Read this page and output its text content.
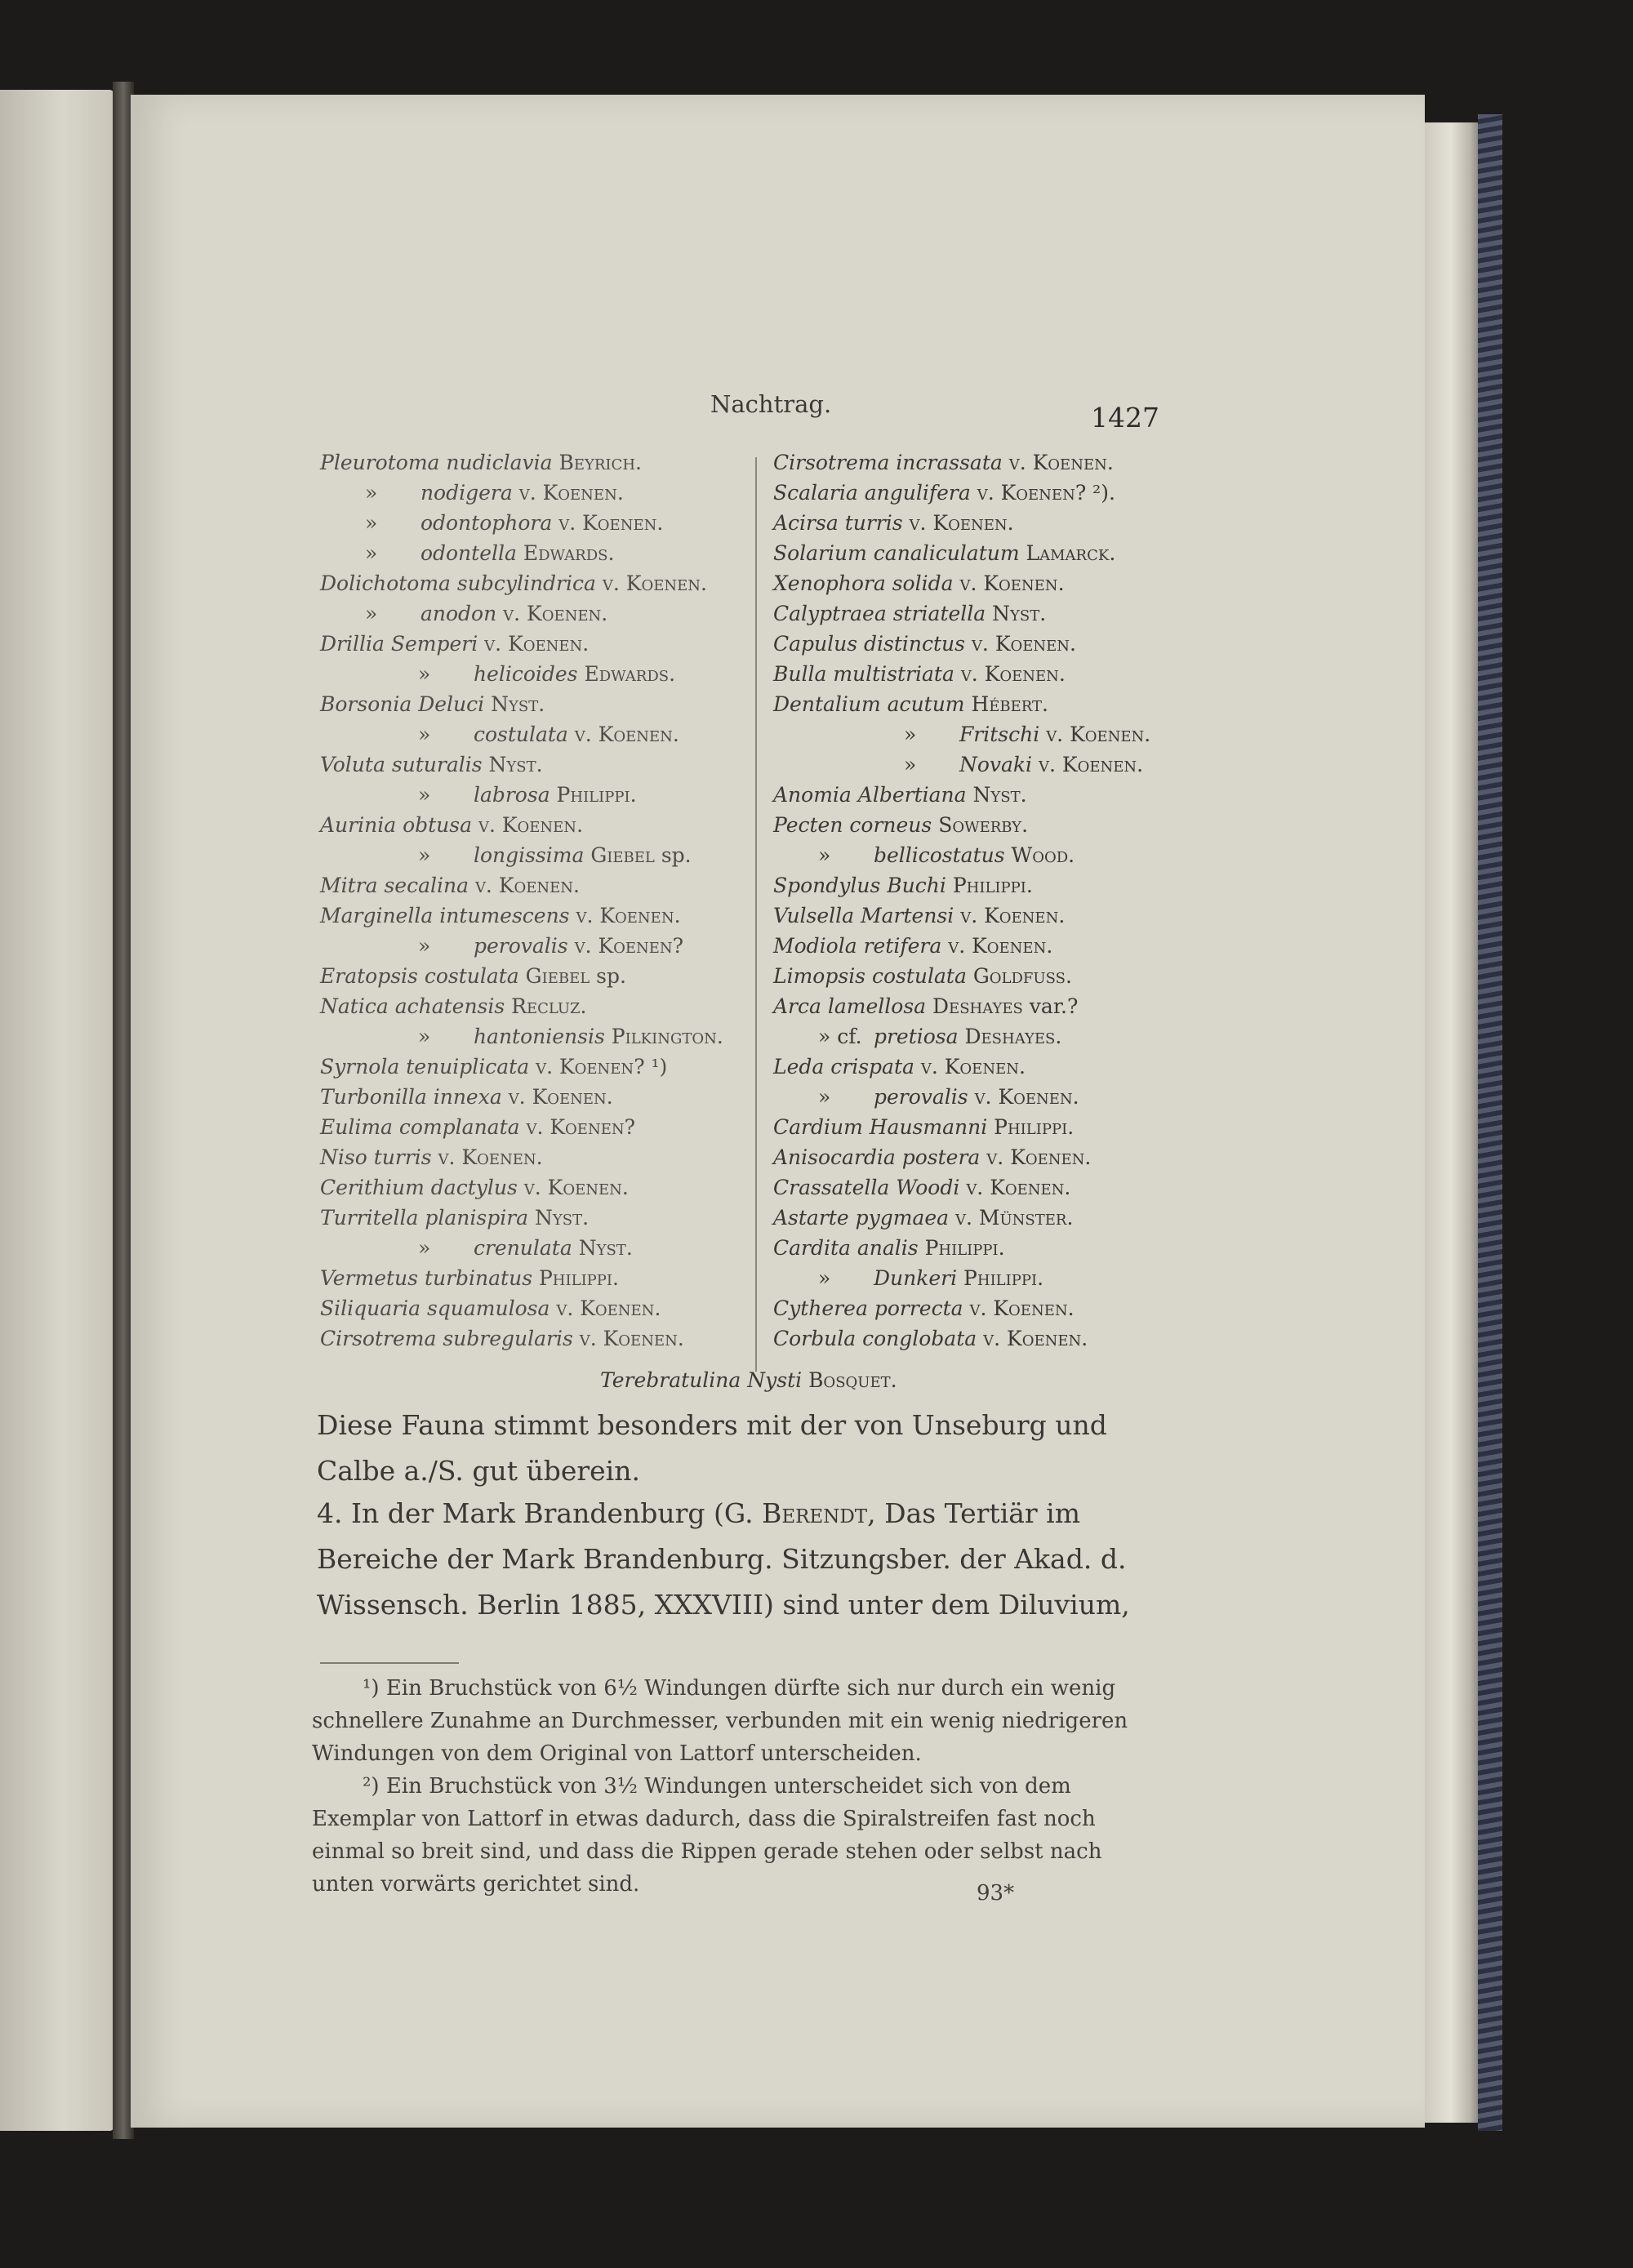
Nachtrag.	1427
Pleurotoma nudiclavia Beyrich.
» nodigera v. Koenen.
» odontophora v. Koenen.
» odontella Edwards.
Dolichotoma subcylindrica v. Koenen.
» anodon v. Koenen.
Drillia Semperi v. Koenen.
» helicoides Edwards.
Borsonia Deluci Nyst.
» costulata v. Koenen.
Voluta suturalis Nyst.
» labrosa Philippi.
Aurinia obtusa v. Koenen.
» longissima Giebel sp.
Mitra secalina v. Koenen.
Marginella intumescens v. Koenen.
» perovalis v. Koenen?
Eratopsis costulata Giebel sp.
Natica achatensis Recluz.
» hantoniensis Pilkington.
Syrnola tenuiplicata v. Koenen? ¹)
Turbonilla innexa v. Koenen.
Eulima complanata v. Koenen?
Niso turris v. Koenen.
Cerithium dactylus v. Koenen.
Turritella planispira Nyst.
» crenulata Nyst.
Vermetus turbinatus Philippi.
Siliquaria squamulosa v. Koenen.
Cirsotrema subregularis v. Koenen.
Cirsotrema incrassata v. Koenen.
Scalaria angulifera v. Koenen? ²).
Acirsa turris v. Koenen.
Solarium canaliculatum Lamarck.
Xenophora solida v. Koenen.
Calyptraea striatella Nyst.
Capulus distinctus v. Koenen.
Bulla multistriata v. Koenen.
Dentalium acutum Hébert.
» Fritschi v. Koenen.
» Novaki v. Koenen.
Anomia Albertiana Nyst.
Pecten corneus Sowerby.
» bellicostatus Wood.
Spondylus Buchi Philippi.
Vulsella Martensi v. Koenen.
Modiola retifera v. Koenen.
Limopsis costulata Goldfuss.
Arca lamellosa Deshayes var.?
» cf. pretiosa Deshayes.
Leda crispata v. Koenen.
» perovalis v. Koenen.
Cardium Hausmanni Philippi.
Anisocardia postera v. Koenen.
Crassatella Woodi v. Koenen.
Astarte pygmaea v. Münster.
Cardita analis Philippi.
» Dunkeri Philippi.
Cytherea porrecta v. Koenen.
Corbula conglobata v. Koenen.
Terebratulina Nysti Bosquet.
Diese Fauna stimmt besonders mit der von Unseburg und Calbe a./S. gut überein.
4. In der Mark Brandenburg (G. Berendt, Das Tertiär im Bereiche der Mark Brandenburg. Sitzungsber. der Akad. d. Wissensch. Berlin 1885, XXXVIII) sind unter dem Diluvium,

¹) Ein Bruchstück von 6½ Windungen dürfte sich nur durch ein wenig schnellere Zunahme an Durchmesser, verbunden mit ein wenig niedrigeren Windungen von dem Original von Lattorf unterscheiden.

²) Ein Bruchstück von 3½ Windungen unterscheidet sich von dem Exemplar von Lattorf in etwas dadurch, dass die Spiralstreifen fast noch einmal so breit sind, und dass die Rippen gerade stehen oder selbst nach unten vorwärts gerichtet sind.	93*
